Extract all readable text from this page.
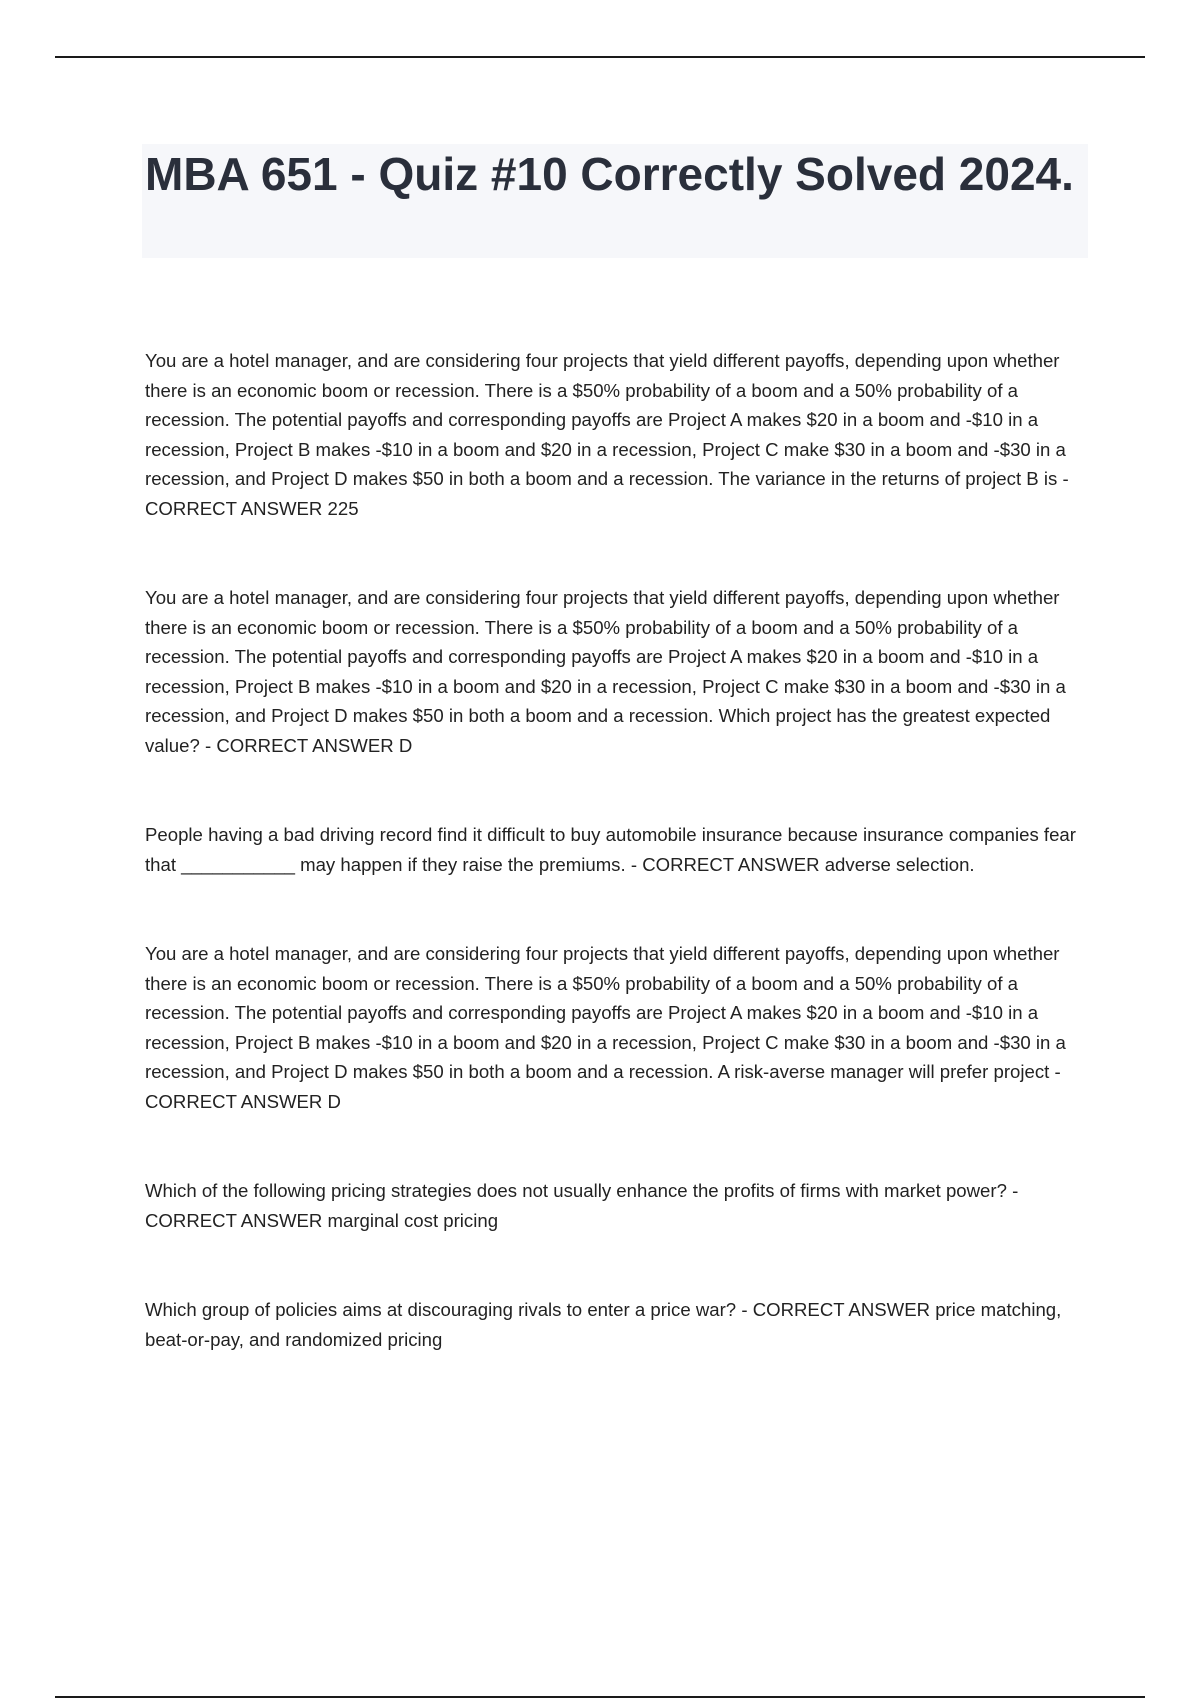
MBA 651 - Quiz #10 Correctly Solved 2024.

You are a hotel manager, and are considering four projects that yield different payoffs, depending upon whether there is an economic boom or recession. There is a $50% probability of a boom and a 50% probability of a recession. The potential payoffs and corresponding payoffs are Project A makes $20 in a boom and -$10 in a recession, Project B makes -$10 in a boom and $20 in a recession, Project C make $30 in a boom and -$30 in a recession, and Project D makes $50 in both a boom and a recession. The variance in the returns of project B is - CORRECT ANSWER 225

You are a hotel manager, and are considering four projects that yield different payoffs, depending upon whether there is an economic boom or recession. There is a $50% probability of a boom and a 50% probability of a recession. The potential payoffs and corresponding payoffs are Project A makes $20 in a boom and -$10 in a recession, Project B makes -$10 in a boom and $20 in a recession, Project C make $30 in a boom and -$30 in a recession, and Project D makes $50 in both a boom and a recession. Which project has the greatest expected value? - CORRECT ANSWER D

People having a bad driving record find it difficult to buy automobile insurance because insurance companies fear that ___________ may happen if they raise the premiums. - CORRECT ANSWER adverse selection.

You are a hotel manager, and are considering four projects that yield different payoffs, depending upon whether there is an economic boom or recession. There is a $50% probability of a boom and a 50% probability of a recession. The potential payoffs and corresponding payoffs are Project A makes $20 in a boom and -$10 in a recession, Project B makes -$10 in a boom and $20 in a recession, Project C make $30 in a boom and -$30 in a recession, and Project D makes $50 in both a boom and a recession. A risk-averse manager will prefer project - CORRECT ANSWER D

Which of the following pricing strategies does not usually enhance the profits of firms with market power? - CORRECT ANSWER marginal cost pricing

Which group of policies aims at discouraging rivals to enter a price war? - CORRECT ANSWER price matching, beat-or-pay, and randomized pricing
